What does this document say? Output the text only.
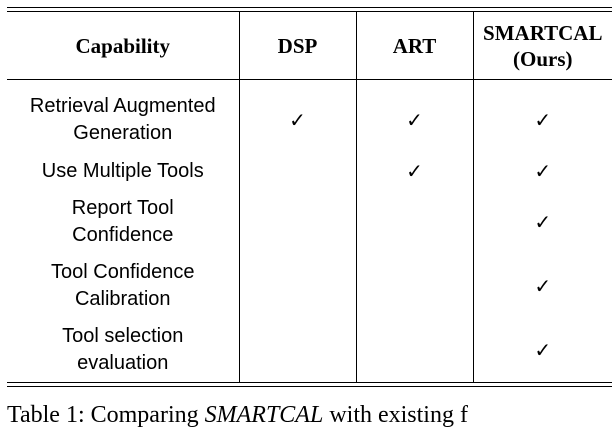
Capability	DSP	ART	SMARTCAL
(Ours)

Retrieval Augmented
Generation	✓	✓	✓

Use Multiple Tools		✓	✓

Report Tool
Confidence			✓

Tool Confidence
Calibration			✓

Tool selection
evaluation			✓
Table 1: Comparing SMARTCAL with existing f
